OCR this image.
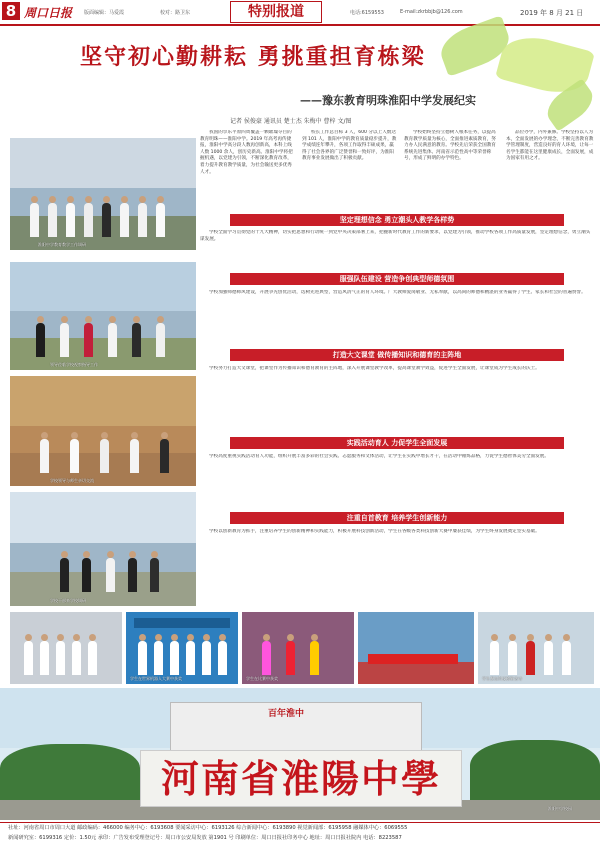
8 周口日报 版面编辑：马爱霞	校对：路卫东	特别报道	电话:6159553	E-mail:zkrbbjb@126.com	2019 年 8 月 21 日
坚守初心勤耕耘 勇挑重担育栋梁
——豫东教育明珠淮阳中学发展纪实
记者 侯俊豪 通讯员 楚士杰 朱梅中 曹梓 文/图
淮阳中学教育教学工作调研
领导莅临学校视察指导工作
学校领导与师生亲切交流
学校干部来学校调研

我国的享乐平原四周覆盖一颗璀璨夺目的教育明珠——淮阳中学。2019 年高考再传捷报，淮阳中学高分段人数再创新高，本科上线人数 1000 余人，创历史新高。淮阳中学将把握机遇，以党建为引领，不断深化教育改革，着力提升教育教学质量，为社会输送更多优秀人才。

校长工作总目标 3 人，600 分以上人数达到 101 人，淮阳中学的教育质量稳步提升，教学成绩连年攀升，各项工作取得丰硕成果，赢得了社会各界的广泛赞誉和一致好评，为淮阳教育事业发展做出了积极贡献。

学校始终坚持立德树人根本任务，以提高教育教学质量为核心，全面推进素质教育，努力办人民满意的教育。学校先后荣获全国教育系统先进集体、河南省示范性高中等荣誉称号，形成了鲜明的办学特色。

品位办学，内外兼修。学校坚持以人为本，全面发展的办学理念，不断完善教育教学管理制度，营造良好的育人环境，让每一名学生都能在这里健康成长，全面发展，成为国家有用之才。

坚定理想信念 勇立潮头人教学各样势

学校全面学习贯彻党的十九大精神，切实把思想和行动统一到党中央决策部署上来，把握新时代教育工作的新要求，以党建为引领，推动学校各项工作高质量发展，坚定理想信念，勇立潮头谋发展。

服强队伍建设 营造争创典型师德氛围

学校加强师德师风建设，开展争先创优活动，选树先进典型，营造风清气正的育人环境。广大教师爱岗敬业、无私奉献，以高尚的师德和精湛的业务赢得了学生、家长和社会的普遍赞誉。

打造大文课堂 做传播知识和德育的主阵地

学校努力打造大文课堂，把课堂作为传播知识和德育教育的主阵地，深入开展课堂教学改革，提高课堂教学效益，促进学生全面发展，让课堂成为学生成长的沃土。

实践活动育人 力促学生全面发展

学校高度重视实践活动育人功能，组织开展丰富多彩的社会实践、志愿服务和文体活动，让学生在实践中增长才干，在活动中锤炼品格，力促学生德智体美劳全面发展。

注重自首教育 培养学生创新能力

学校以创新教育为抓手，注重培养学生的创新精神和实践能力，积极开展科技创新活动，学生在各级各类科技创新大赛中屡获佳绩，为学生终身发展奠定坚实基础。

学生在世界机器人大赛中获奖	学生在比赛中获奖	学生参加科技创新活动
百年淮中
淮阳中学校园
河南省淮陽中學
社址：河南省周口市周口大道 邮政编码：466000 编务中心：6193608 要闻采访中心：6193126 综合新闻中心：6193890 视觉新闻部：6195958 融媒体中心：6069555
新闻研究室：6199316 定价：1.50元 承印：广告发布受理登记号：周口市公安局发放 第1901 号 印刷单位：周口日报社印务中心 地址：周口日报社院内 电话：8223587
